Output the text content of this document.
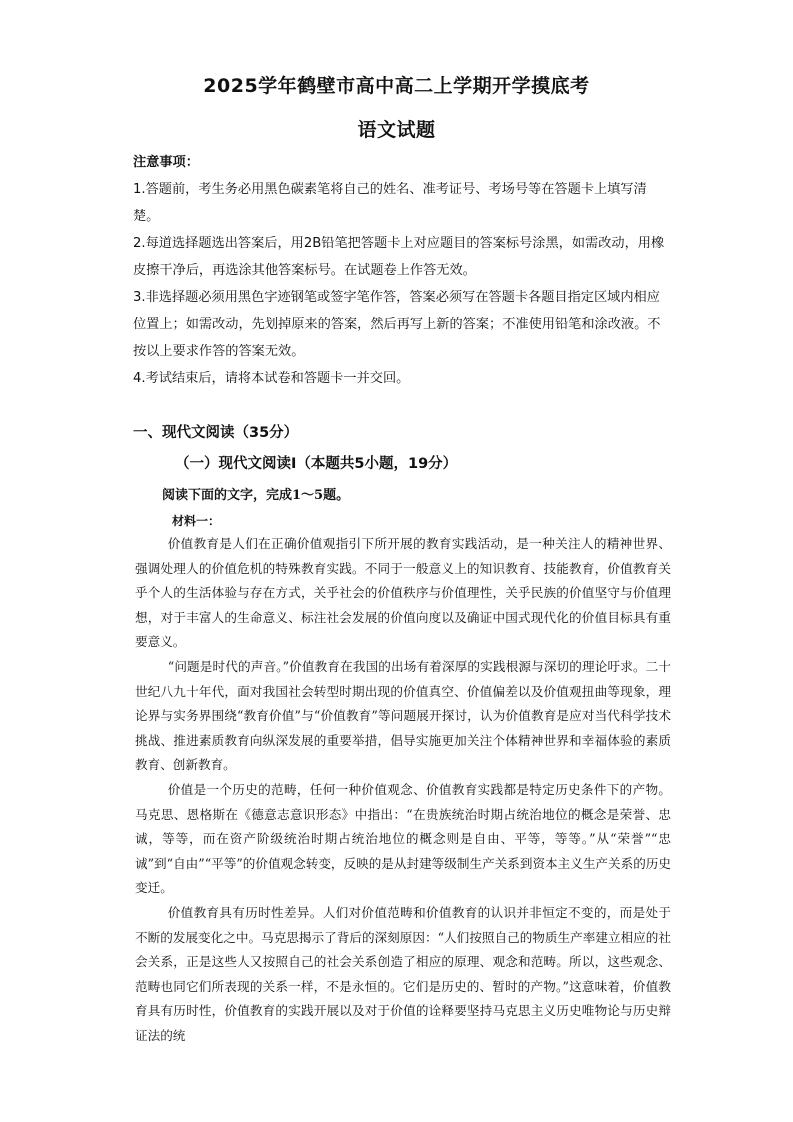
2025学年鹤壁市高中高二上学期开学摸底考
语文试题
注意事项：

1.答题前，考生务必用黑色碳素笔将自己的姓名、准考证号、考场号等在答题卡上填写清楚。

2.每道选择题选出答案后，用2B铅笔把答题卡上对应题目的答案标号涂黑，如需改动，用橡皮擦干净后，再选涂其他答案标号。在试题卷上作答无效。

3.非选择题必须用黑色字迹钢笔或签字笔作答，答案必须写在答题卡各题目指定区域内相应位置上；如需改动，先划掉原来的答案，然后再写上新的答案；不准使用铅笔和涂改液。不按以上要求作答的答案无效。

4.考试结束后，请将本试卷和答题卡一并交回。

一、现代文阅读（35分）
（一）现代文阅读Ⅰ（本题共5小题，19分）
阅读下面的文字，完成1～5题。
材料一：

价值教育是人们在正确价值观指引下所开展的教育实践活动，是一种关注人的精神世界、强调处理人的价值危机的特殊教育实践。不同于一般意义上的知识教育、技能教育，价值教育关乎个人的生活体验与存在方式，关乎社会的价值秩序与价值理性，关乎民族的价值坚守与价值理想，对于丰富人的生命意义、标注社会发展的价值向度以及确证中国式现代化的价值目标具有重要意义。

“问题是时代的声音。”价值教育在我国的出场有着深厚的实践根源与深切的理论吁求。二十世纪八九十年代，面对我国社会转型时期出现的价值真空、价值偏差以及价值观扭曲等现象，理论界与实务界围绕“教育价值”与“价值教育”等问题展开探讨，认为价值教育是应对当代科学技术挑战、推进素质教育向纵深发展的重要举措，倡导实施更加关注个体精神世界和幸福体验的素质教育、创新教育。

价值是一个历史的范畴，任何一种价值观念、价值教育实践都是特定历史条件下的产物。马克思、恩格斯在《德意志意识形态》中指出：“在贵族统治时期占统治地位的概念是荣誉、忠诚，等等，而在资产阶级统治时期占统治地位的概念则是自由、平等，等等。”从“荣誉”“忠诚”到“自由”“平等”的价值观念转变，反映的是从封建等级制生产关系到资本主义生产关系的历史变迁。

价值教育具有历时性差异。人们对价值范畴和价值教育的认识并非恒定不变的，而是处于不断的发展变化之中。马克思揭示了背后的深刻原因：“人们按照自己的物质生产率建立相应的社会关系，正是这些人又按照自己的社会关系创造了相应的原理、观念和范畴。所以，这些观念、范畴也同它们所表现的关系一样，不是永恒的。它们是历史的、暂时的产物。”这意味着，价值教育具有历时性，价值教育的实践开展以及对于价值的诠释要坚持马克思主义历史唯物论与历史辩证法的统
